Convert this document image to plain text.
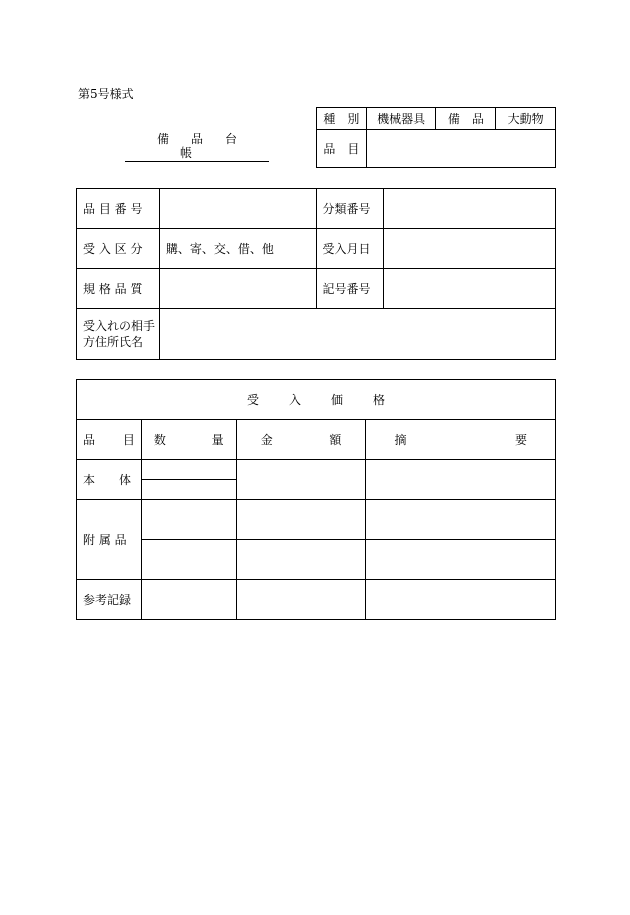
第5号様式
備品台帳
種　別	機械器具	備　品	大動物
品　目			
品 目 番 号		分類番号	
受 入 区 分	購、寄、交、借、他	受入月日	
規 格 品 質		記号番号	

受入れの相手
方住所氏名			

受入価格			

品 目	数 量	金 額	摘 要

本　　体			

附 属 品			

参考記録			
